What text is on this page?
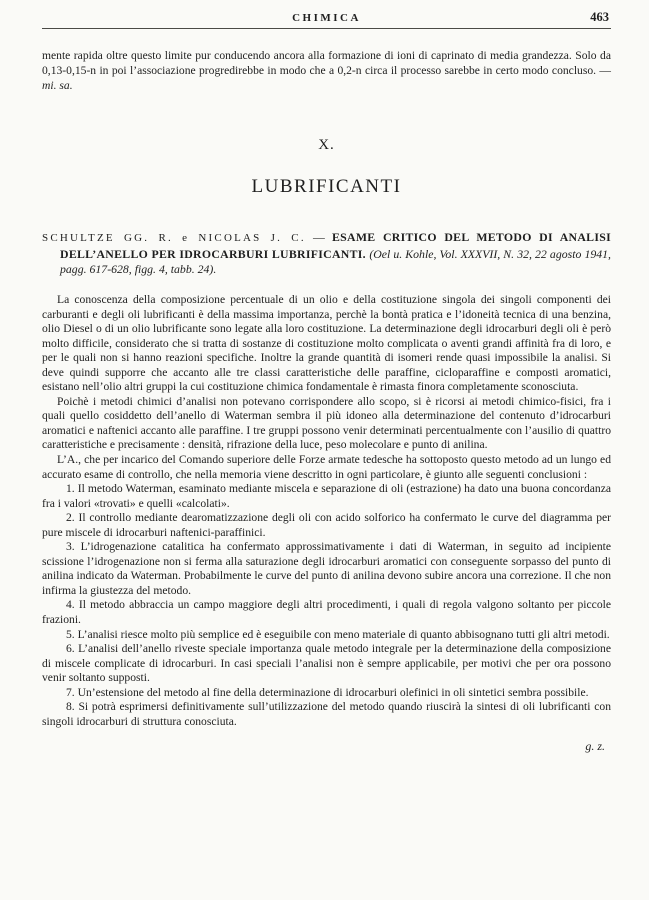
CHIMICA	463
mente rapida oltre questo limite pur conducendo ancora alla formazione di ioni di caprinato di media grandezza. Solo da 0,13-0,15-n in poi l’associazione progredirebbe in modo che a 0,2-n circa il processo sarebbe in certo modo concluso. — mi. sa.
X.
LUBRIFICANTI
SCHULTZE GG. R. e NICOLAS J. C. — ESAME CRITICO DEL METODO DI ANALISI DELL’ANELLO PER IDROCARBURI LUBRIFICANTI. (Oel u. Kohle, Vol. XXXVII, N. 32, 22 agosto 1941, pagg. 617-628, figg. 4, tabb. 24).

La conoscenza della composizione percentuale di un olio e della costituzione singola dei singoli componenti dei carburanti e degli oli lubrificanti è della massima importanza, perchè la bontà pratica e l’idoneità tecnica di una benzina, olio Diesel o di un olio lubrificante sono legate alla loro costituzione. La determinazione degli idrocarburi degli oli è però molto difficile, considerato che si tratta di sostanze di costituzione molto complicata o aventi grandi affinità fra di loro, e per le quali non si hanno reazioni specifiche. Inoltre la grande quantità di isomeri rende quasi impossibile la analisi. Si deve quindi supporre che accanto alle tre classi caratteristiche delle paraffine, cicloparaffine e composti aromatici, esistano nell’olio altri gruppi la cui costituzione chimica fondamentale è rimasta finora completamente sconosciuta.

Poichè i metodi chimici d’analisi non potevano corrispondere allo scopo, si è ricorsi ai metodi chimico-fisici, fra i quali quello cosiddetto dell’anello di Waterman sembra il più idoneo alla determinazione del contenuto d’idrocarburi aromatici e naftenici accanto alle paraffine. I tre gruppi possono venir determinati percentualmente con l’ausilio di quattro caratteristiche e precisamente : densità, rifrazione della luce, peso molecolare e punto di anilina.

L’A., che per incarico del Comando superiore delle Forze armate tedesche ha sottoposto questo metodo ad un lungo ed accurato esame di controllo, che nella memoria viene descritto in ogni particolare, è giunto alle seguenti conclusioni :

1. Il metodo Waterman, esaminato mediante miscela e separazione di oli (estrazione) ha dato una buona concordanza fra i valori «trovati» e quelli «calcolati».

2. Il controllo mediante dearomatizzazione degli oli con acido solforico ha confermato le curve del diagramma per pure miscele di idrocarburi naftenici-paraffinici.

3. L’idrogenazione catalitica ha confermato approssimativamente i dati di Waterman, in seguito ad incipiente scissione l’idrogenazione non si ferma alla saturazione degli idrocarburi aromatici con conseguente sorpasso del punto di anilina indicato da Waterman. Probabilmente le curve del punto di anilina devono subire ancora una correzione. Il che non infirma la giustezza del metodo.

4. Il metodo abbraccia un campo maggiore degli altri procedimenti, i quali di regola valgono soltanto per piccole frazioni.

5. L’analisi riesce molto più semplice ed è eseguibile con meno materiale di quanto abbisognano tutti gli altri metodi.

6. L’analisi dell’anello riveste speciale importanza quale metodo integrale per la determinazione della composizione di miscele complicate di idrocarburi. In casi speciali l’analisi non è sempre applicabile, per motivi che per ora possono venir soltanto supposti.

7. Un’estensione del metodo al fine della determinazione di idrocarburi olefinici in oli sintetici sembra possibile.

8. Si potrà esprimersi definitivamente sull’utilizzazione del metodo quando riuscirà la sintesi di oli lubrificanti con singoli idrocarburi di struttura conosciuta.

g. z.
